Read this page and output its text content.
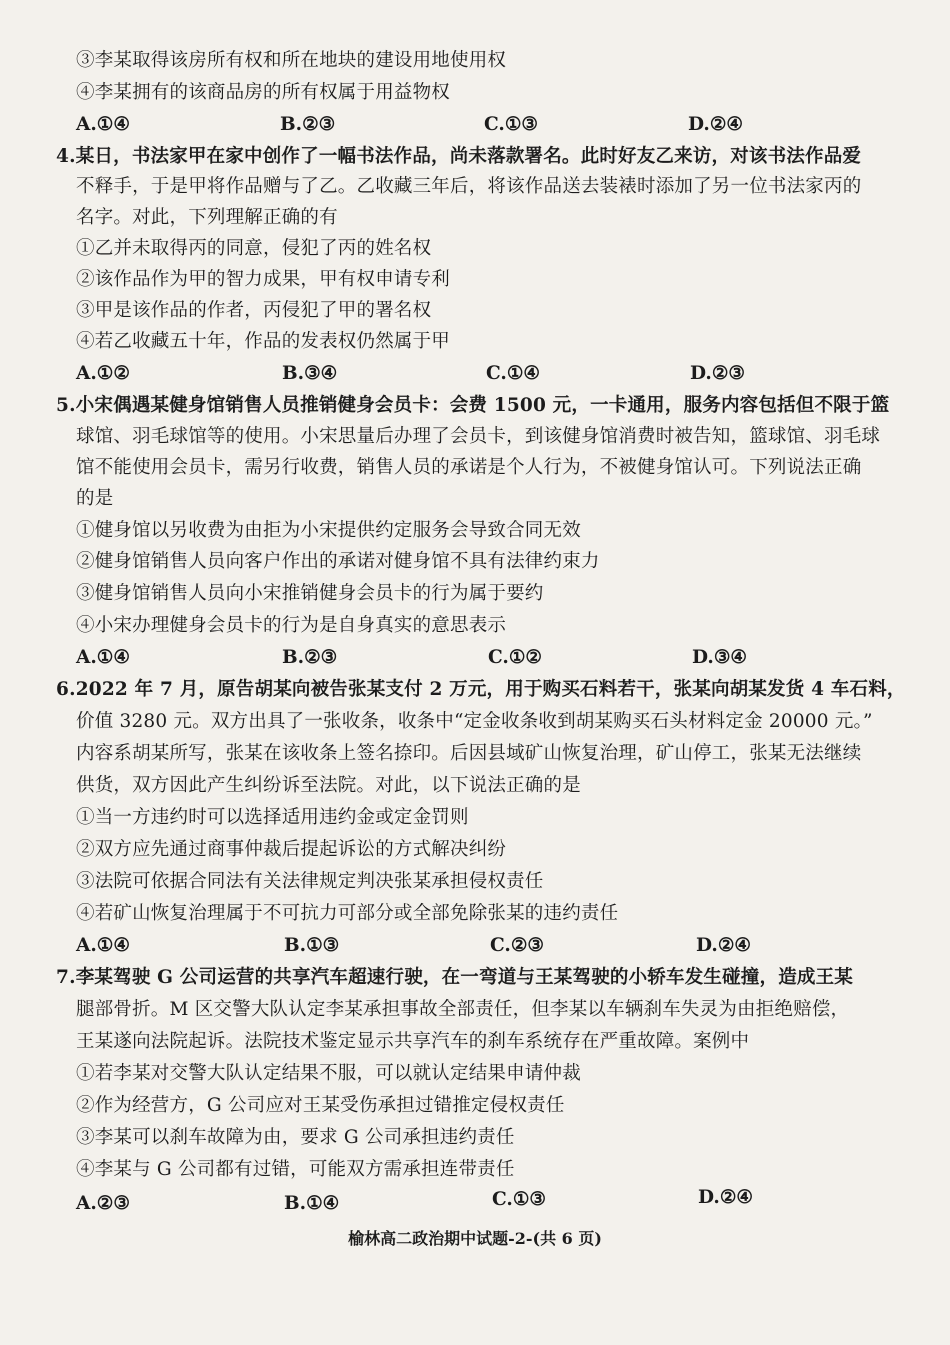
③李某取得该房所有权和所在地块的建设用地使用权
④李某拥有的该商品房的所有权属于用益物权
A.①④	B.②③	C.①③	D.②④
4.某日，书法家甲在家中创作了一幅书法作品，尚未落款署名。此时好友乙来访，对该书法作品爱
不释手，于是甲将作品赠与了乙。乙收藏三年后，将该作品送去装裱时添加了另一位书法家丙的
名字。对此，下列理解正确的有
①乙并未取得丙的同意，侵犯了丙的姓名权
②该作品作为甲的智力成果，甲有权申请专利
③甲是该作品的作者，丙侵犯了甲的署名权
④若乙收藏五十年，作品的发表权仍然属于甲
A.①②	B.③④	C.①④	D.②③
5.小宋偶遇某健身馆销售人员推销健身会员卡：会费 1500 元，一卡通用，服务内容包括但不限于篮
球馆、羽毛球馆等的使用。小宋思量后办理了会员卡，到该健身馆消费时被告知，篮球馆、羽毛球
馆不能使用会员卡，需另行收费，销售人员的承诺是个人行为，不被健身馆认可。下列说法正确
的是
①健身馆以另收费为由拒为小宋提供约定服务会导致合同无效
②健身馆销售人员向客户作出的承诺对健身馆不具有法律约束力
③健身馆销售人员向小宋推销健身会员卡的行为属于要约
④小宋办理健身会员卡的行为是自身真实的意思表示
A.①④	B.②③	C.①②	D.③④
6.2022 年 7 月，原告胡某向被告张某支付 2 万元，用于购买石料若干，张某向胡某发货 4 车石料，
价值 3280 元。双方出具了一张收条，收条中“定金收条收到胡某购买石头材料定金 20000 元。”
内容系胡某所写，张某在该收条上签名捺印。后因县域矿山恢复治理，矿山停工，张某无法继续
供货，双方因此产生纠纷诉至法院。对此，以下说法正确的是
①当一方违约时可以选择适用违约金或定金罚则
②双方应先通过商事仲裁后提起诉讼的方式解决纠纷
③法院可依据合同法有关法律规定判决张某承担侵权责任
④若矿山恢复治理属于不可抗力可部分或全部免除张某的违约责任
A.①④	B.①③	C.②③	D.②④
7.李某驾驶 G 公司运营的共享汽车超速行驶，在一弯道与王某驾驶的小轿车发生碰撞，造成王某
腿部骨折。M 区交警大队认定李某承担事故全部责任，但李某以车辆刹车失灵为由拒绝赔偿，
王某遂向法院起诉。法院技术鉴定显示共享汽车的刹车系统存在严重故障。案例中
①若李某对交警大队认定结果不服，可以就认定结果申请仲裁
②作为经营方，G 公司应对王某受伤承担过错推定侵权责任
③李某可以刹车故障为由，要求 G 公司承担违约责任
④李某与 G 公司都有过错，可能双方需承担连带责任
A.②③	B.①④	C.①③	D.②④
榆林高二政治期中试题-2-(共 6 页)
